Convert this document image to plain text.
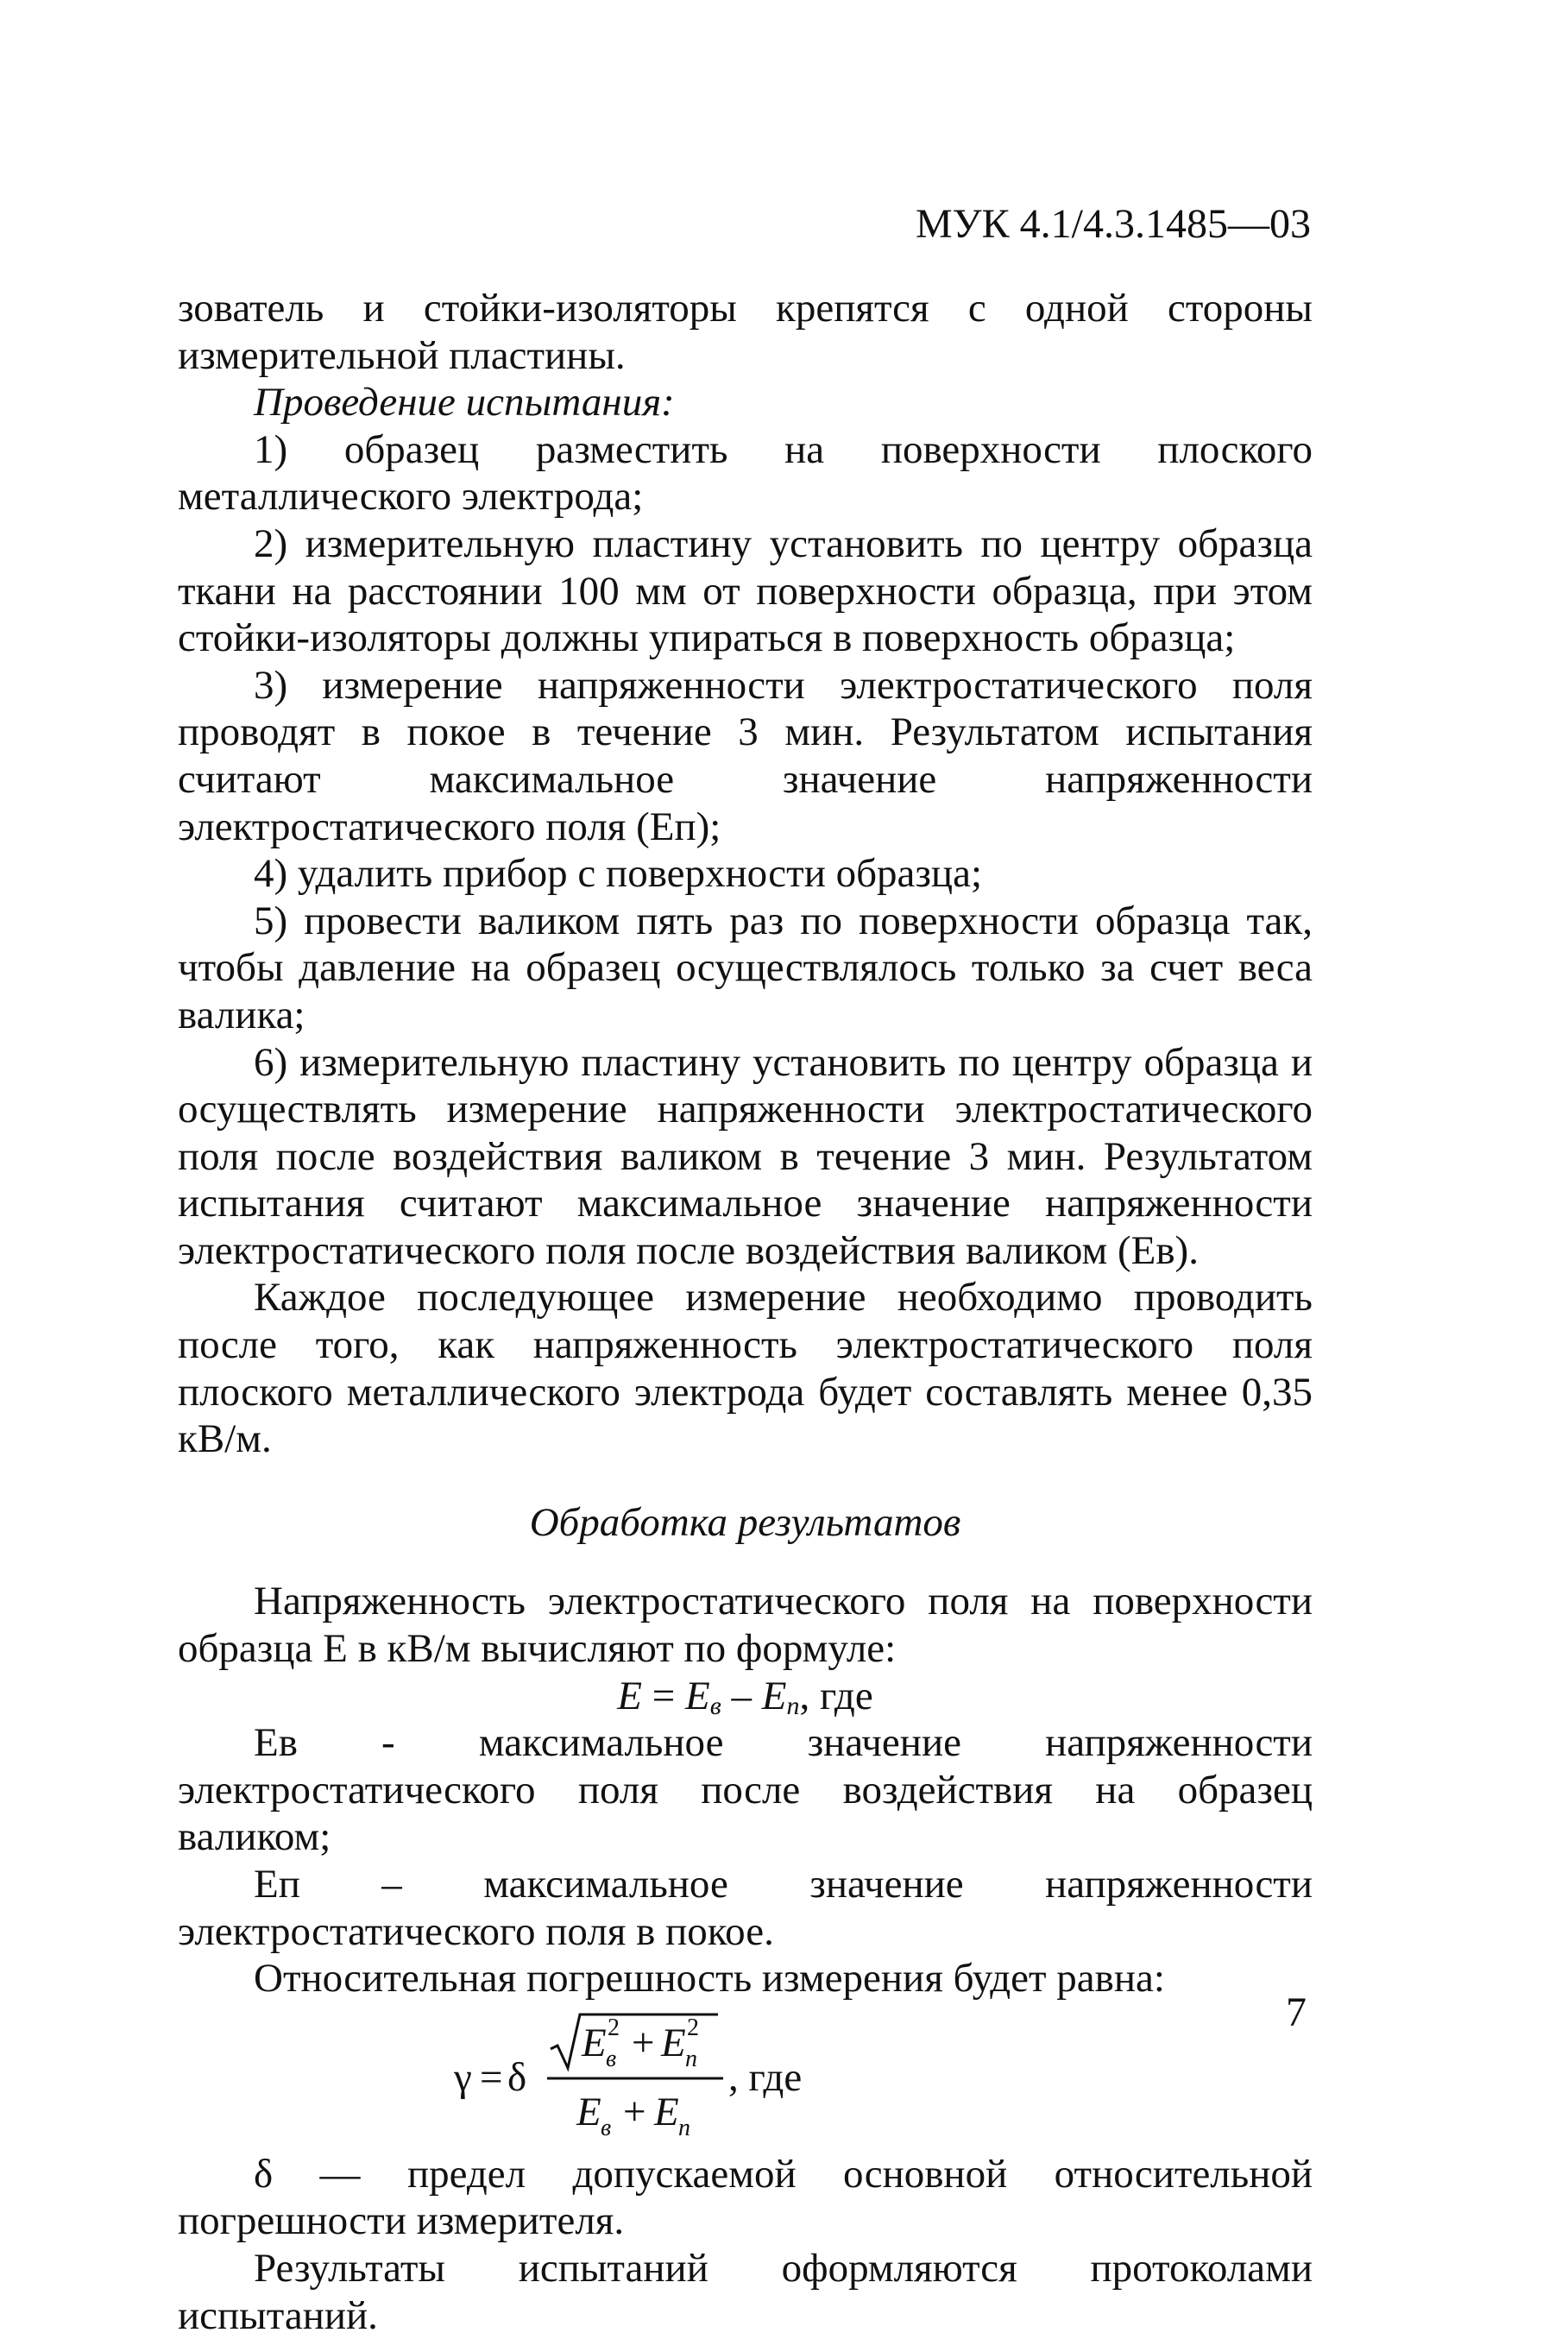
МУК 4.1/4.3.1485—03

зователь и стойки-изоляторы крепятся с одной стороны измерительной пластины.

Проведение испытания:

1) образец разместить на поверхности плоского металлического электрода;

2) измерительную пластину установить по центру образца ткани на расстоянии 100 мм от поверхности образца, при этом стойки-изоляторы должны упираться в поверхность образца;

3) измерение напряженности электростатического поля проводят в покое в течение 3 мин. Результатом испытания считают максимальное значение напряженности электростатического поля (Eп);

4) удалить прибор с поверхности образца;

5) провести валиком пять раз по поверхности образца так, чтобы давление на образец осуществлялось только за счет веса валика;

6) измерительную пластину установить по центру образца и осуществлять измерение напряженности электростатического поля после воздействия валиком в течение 3 мин. Результатом испытания считают максимальное значение напряженности электростатического поля после воздействия валиком (Eв).

Каждое последующее измерение необходимо проводить после того, как напряженность электростатического поля плоского металлического электрода будет составлять менее 0,35 кВ/м.

Обработка результатов

Напряженность электростатического поля на поверхности образца E в кВ/м вычисляют по формуле:

$E = E_в - E_п$, где

Eв - максимальное значение напряженности электростатического поля после воздействия на образец валиком;

Eп – максимальное значение напряженности электростатического поля в покое.

Относительная погрешность измерения будет равна:

γ = δ
E в
2 + E n
2
E в + E n
, где

δ — предел допускаемой основной относительной погрешности измерителя.

Результаты испытаний оформляются протоколами испытаний.

7
